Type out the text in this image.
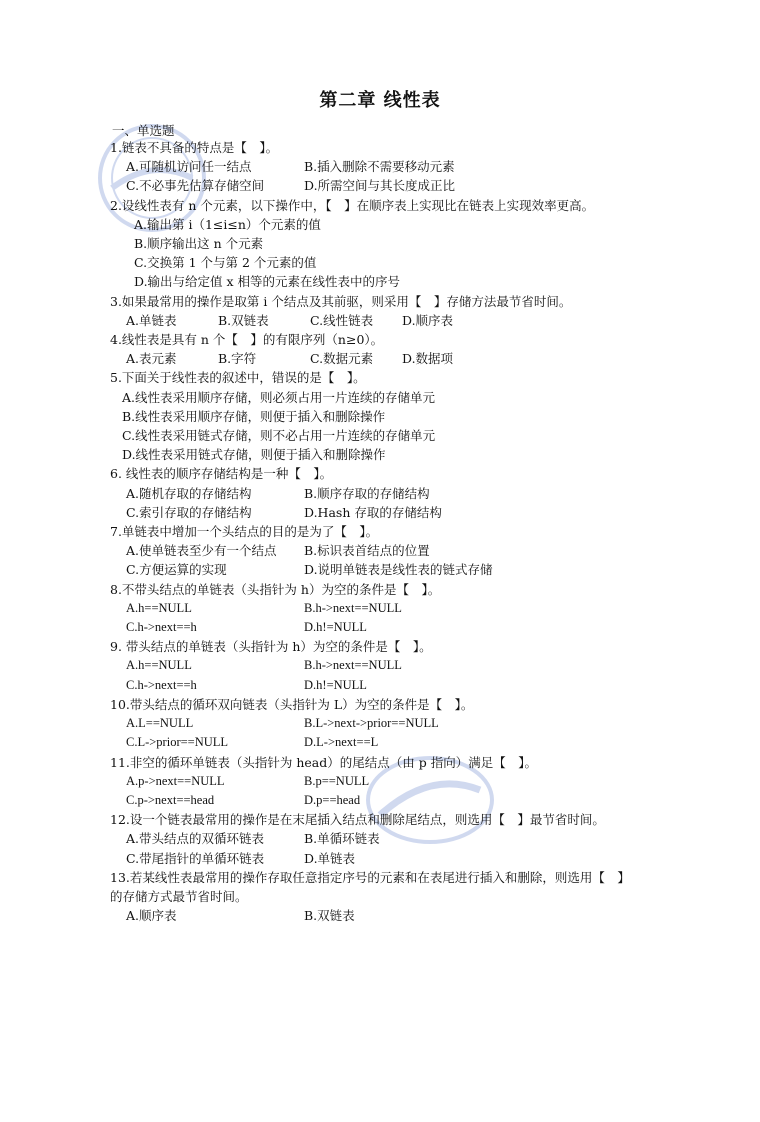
第二章 线性表
一、单选题
1.链表不具备的特点是【　】。
A.可随机访问任一结点	B.插入删除不需要移动元素
C.不必事先估算存储空间	D.所需空间与其长度成正比
2.设线性表有 n 个元素，以下操作中，【　】在顺序表上实现比在链表上实现效率更高。
A.输出第 i（1≤i≤n）个元素的值
B.顺序输出这 n 个元素
C.交换第 1 个与第 2 个元素的值
D.输出与给定值 x 相等的元素在线性表中的序号
3.如果最常用的操作是取第 i 个结点及其前驱，则采用【　】存储方法最节省时间。
A.单链表	B.双链表	C.线性链表	D.顺序表
4.线性表是具有 n 个【　】的有限序列（n≥0）。
A.表元素	B.字符	C.数据元素	D.数据项
5.下面关于线性表的叙述中，错误的是【　】。
A.线性表采用顺序存储，则必须占用一片连续的存储单元
B.线性表采用顺序存储，则便于插入和删除操作
C.线性表采用链式存储，则不必占用一片连续的存储单元
D.线性表采用链式存储，则便于插入和删除操作
6. 线性表的顺序存储结构是一种【　】。
A.随机存取的存储结构	B.顺序存取的存储结构
C.索引存取的存储结构	D.Hash 存取的存储结构
7.单链表中增加一个头结点的目的是为了【　】。
A.使单链表至少有一个结点	B.标识表首结点的位置
C.方便运算的实现	D.说明单链表是线性表的链式存储
8.不带头结点的单链表（头指针为 h）为空的条件是【　】。
A.h==NULL	B.h->next==NULL
C.h->next==h	D.h!=NULL
9. 带头结点的单链表（头指针为 h）为空的条件是【　】。
A.h==NULL	B.h->next==NULL
C.h->next==h	D.h!=NULL
10.带头结点的循环双向链表（头指针为 L）为空的条件是【　】。
A.L==NULL	B.L->next->prior==NULL
C.L->prior==NULL	D.L->next==L
11.非空的循环单链表（头指针为 head）的尾结点（由 p 指向）满足【　】。
A.p->next==NULL	B.p==NULL
C.p->next==head	D.p==head
12.设一个链表最常用的操作是在末尾插入结点和删除尾结点，则选用【　】最节省时间。
A.带头结点的双循环链表	B.单循环链表
C.带尾指针的单循环链表	D.单链表
13.若某线性表最常用的操作存取任意指定序号的元素和在表尾进行插入和删除，则选用【　】的存储方式最节省时间。
A.顺序表	B.双链表
